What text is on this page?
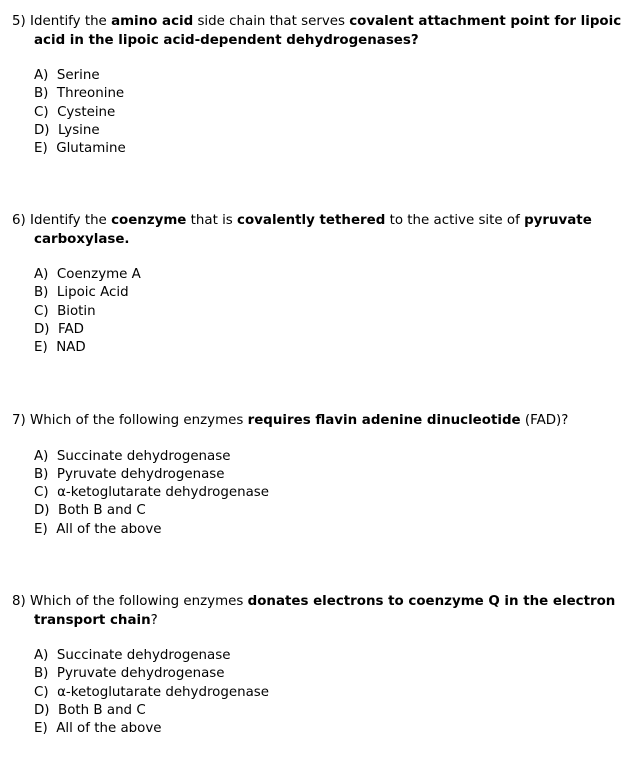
5) Identify the amino acid side chain that serves covalent attachment point for lipoic
acid in the lipoic acid-dependent dehydrogenases?

A)  Serine
B)  Threonine
C)  Cysteine
D)  Lysine
E)  Glutamine

6) Identify the coenzyme that is covalently tethered to the active site of pyruvate
carboxylase.

A)  Coenzyme A
B)  Lipoic Acid
C)  Biotin
D)  FAD
E)  NAD

7) Which of the following enzymes requires flavin adenine dinucleotide (FAD)?

A)  Succinate dehydrogenase
B)  Pyruvate dehydrogenase
C)  α-ketoglutarate dehydrogenase
D)  Both B and C
E)  All of the above

8) Which of the following enzymes donates electrons to coenzyme Q in the electron
transport chain?

A)  Succinate dehydrogenase
B)  Pyruvate dehydrogenase
C)  α-ketoglutarate dehydrogenase
D)  Both B and C
E)  All of the above
